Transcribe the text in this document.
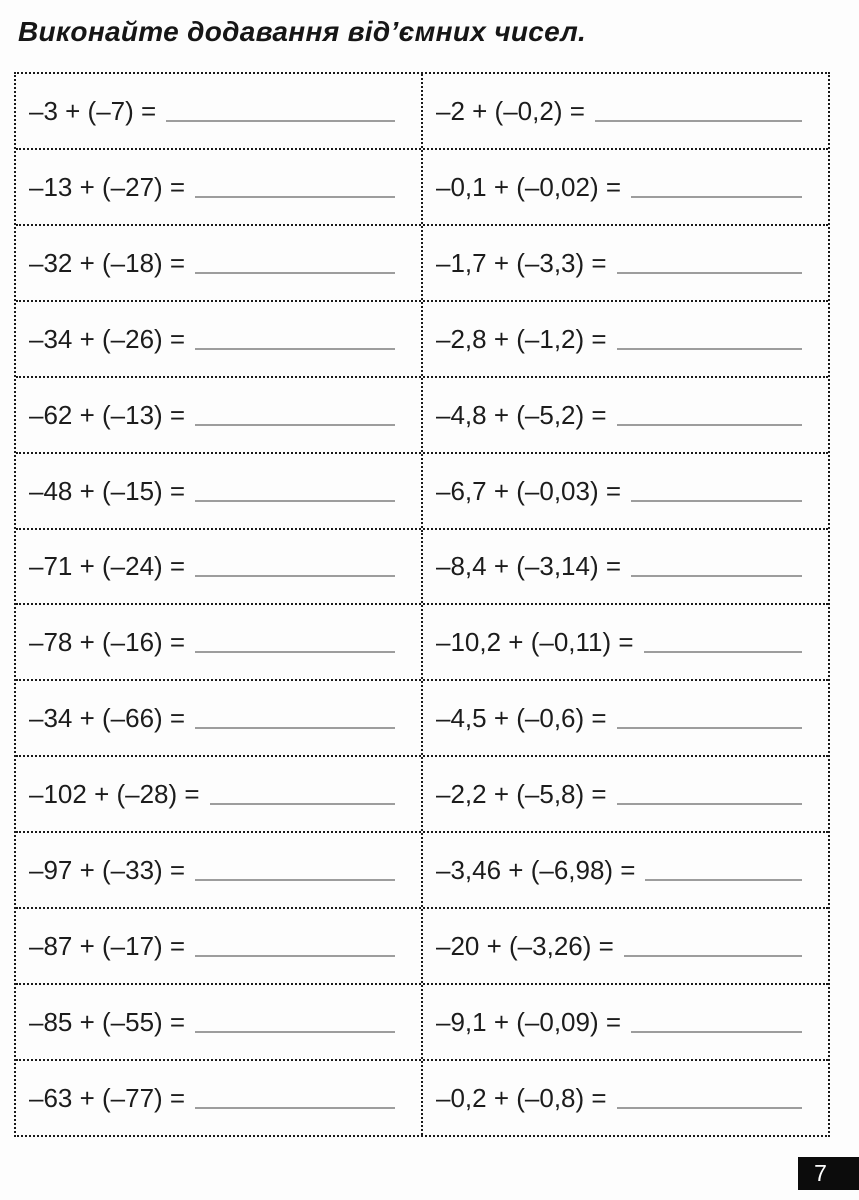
Виконайте додавання від’ємних чисел.
–3 + (–7) =	–2 + (–0,2) =
–13 + (–27) =	–0,1 + (–0,02) =
–32 + (–18) =	–1,7 + (–3,3) =
–34 + (–26) =	–2,8 + (–1,2) =
–62 + (–13) =	–4,8 + (–5,2) =
–48 + (–15) =	–6,7 + (–0,03) =
–71 + (–24) =	–8,4 + (–3,14) =
–78 + (–16) =	–10,2 + (–0,11) =
–34 + (–66) =	–4,5 + (–0,6) =
–102 + (–28) =	–2,2 + (–5,8) =
–97 + (–33) =	–3,46 + (–6,98) =
–87 + (–17) =	–20 + (–3,26) =
–85 + (–55) =	–9,1 + (–0,09) =
–63 + (–77) =	–0,2 + (–0,8) =
7
